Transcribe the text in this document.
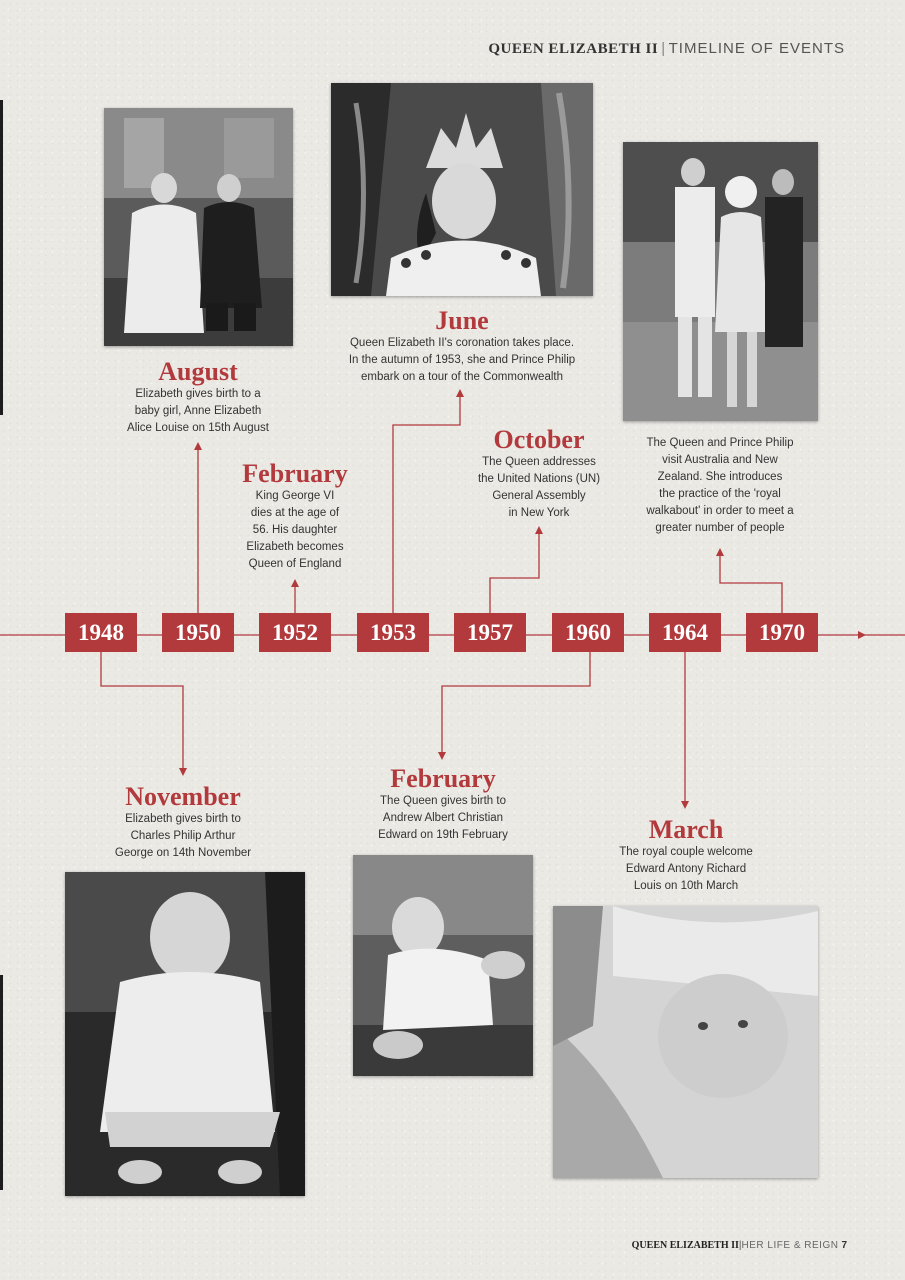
QUEEN ELIZABETH II | TIMELINE OF EVENTS
1948	1950	1952	1953	1957	1960	1964	1970
August
Elizabeth gives birth to a
baby girl, Anne Elizabeth
Alice Louise on 15th August
February
King George VI
dies at the age of
56. His daughter
Elizabeth becomes
Queen of England
June
Queen Elizabeth II's coronation takes place.
In the autumn of 1953, she and Prince Philip
embark on a tour of the Commonwealth
October
The Queen addresses
the United Nations (UN)
General Assembly
in New York
The Queen and Prince Philip
visit Australia and New
Zealand. She introduces
the practice of the 'royal
walkabout' in order to meet a
greater number of people
November
Elizabeth gives birth to
Charles Philip Arthur
George on 14th November
February
The Queen gives birth to
Andrew Albert Christian
Edward on 19th February	March
The royal couple welcome
Edward Antony Richard
Louis on 10th March
QUEEN ELIZABETH II|HER LIFE & REIGN 7
